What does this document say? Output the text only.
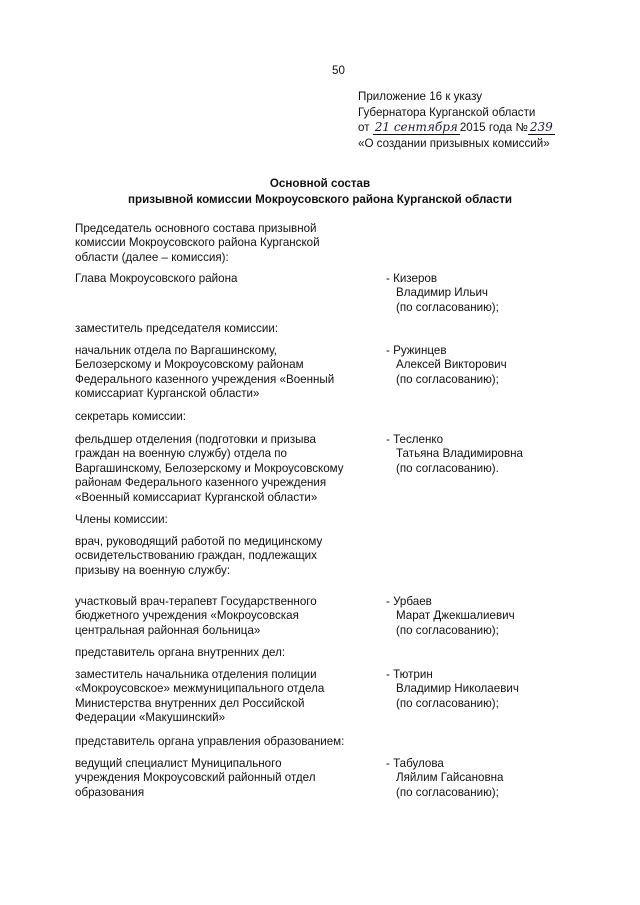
50
Приложение 16 к указу
Губернатора Курганской области
от 21 сентября 2015 года № 239
«О создании призывных комиссий»
Основной состав
призывной комиссии Мокроусовского района Курганской области
Председатель основного состава призывной
комиссии Мокроусовского района Курганской
области (далее – комиссия):
Глава Мокроусовского района	- Кизеров
Владимир Ильич
(по согласованию);
заместитель председателя комиссии:
начальник отдела по Варгашинскому,
Белозерскому и Мокроусовскому районам
Федерального казенного учреждения «Военный
комиссариат Курганской области»
- Ружинцев
Алексей Викторович
(по согласованию);
секретарь комиссии:
фельдшер отделения (подготовки и призыва
граждан на военную службу) отдела по
Варгашинскому, Белозерскому и Мокроусовскому
районам Федерального казенного учреждения
«Военный комиссариат Курганской области»
- Тесленко
Татьяна Владимировна
(по согласованию).
Члены комиссии:
врач, руководящий работой по медицинскому
освидетельствованию граждан, подлежащих
призыву на военную службу:
участковый врач-терапевт Государственного
бюджетного учреждения «Мокроусовская
центральная районная больница»
- Урбаев
Марат Джекшалиевич
(по согласованию);
представитель органа внутренних дел:
заместитель начальника отделения полиции
«Мокроусовское» межмуниципального отдела
Министерства внутренних дел Российской
Федерации «Макушинский»
- Тютрин
Владимир Николаевич
(по согласованию);
представитель органа управления образованием:
ведущий специалист Муниципального
учреждения Мокроусовский районный отдел
образования
- Табулова
Ляйлим Гайсановна
(по согласованию);
